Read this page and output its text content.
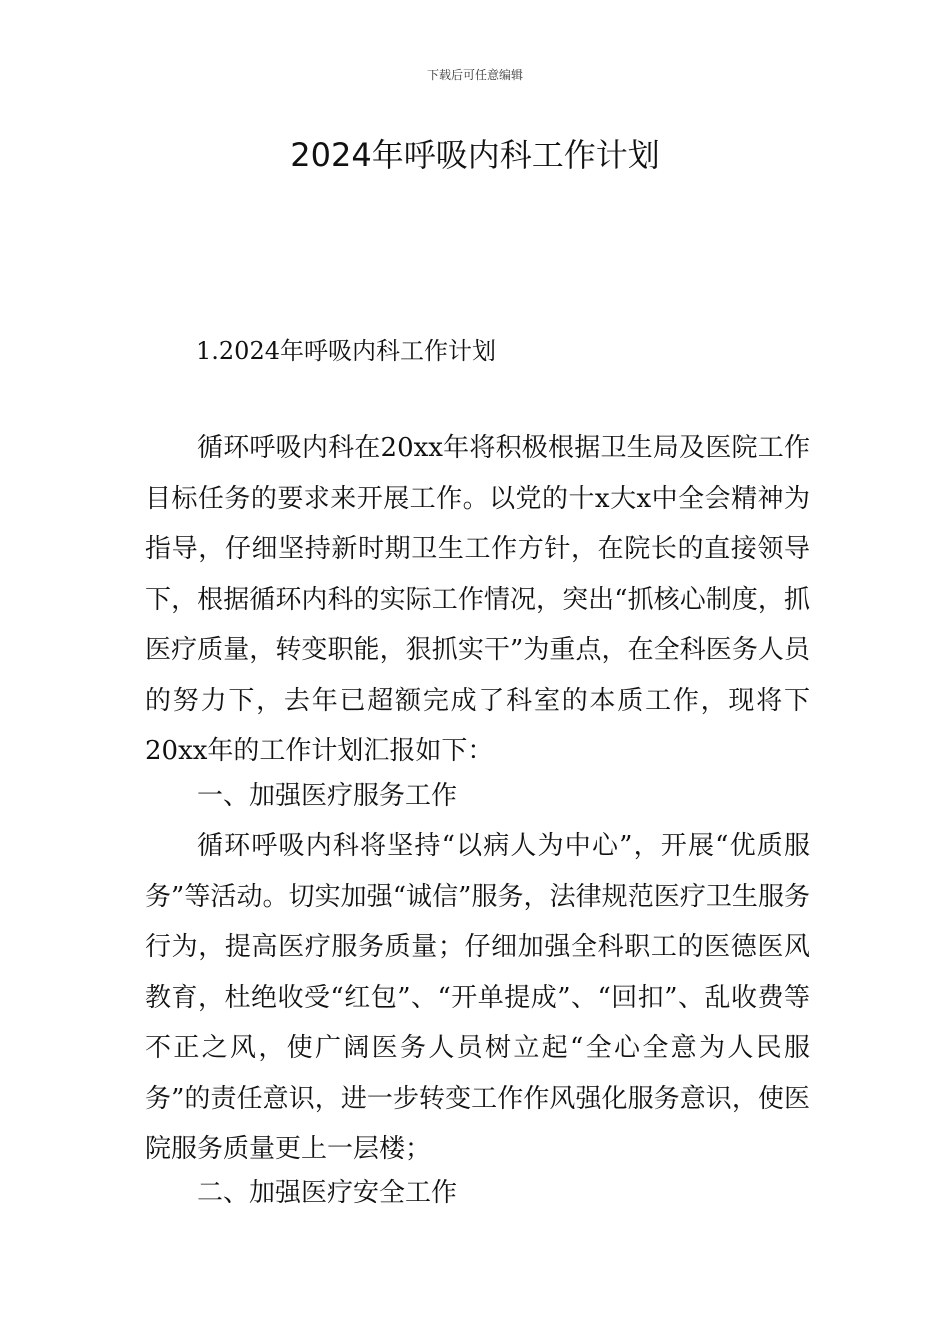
下载后可任意编辑
2024年呼吸内科工作计划
1.2024年呼吸内科工作计划

循环呼吸内科在20xx年将积极根据卫生局及医院工作目标任务的要求来开展工作。以党的十x大x中全会精神为指导，仔细坚持新时期卫生工作方针，在院长的直接领导下，根据循环内科的实际工作情况，突出“抓核心制度，抓医疗质量，转变职能，狠抓实干”为重点，在全科医务人员的努力下，去年已超额完成了科室的本质工作，现将下20xx年的工作计划汇报如下：

一、加强医疗服务工作

循环呼吸内科将坚持“以病人为中心”，开展“优质服务”等活动。切实加强“诚信”服务，法律规范医疗卫生服务行为，提高医疗服务质量；仔细加强全科职工的医德医风教育，杜绝收受“红包”、“开单提成”、“回扣”、乱收费等不正之风，使广阔医务人员树立起“全心全意为人民服务”的责任意识，进一步转变工作作风强化服务意识，使医院服务质量更上一层楼；

二、加强医疗安全工作
